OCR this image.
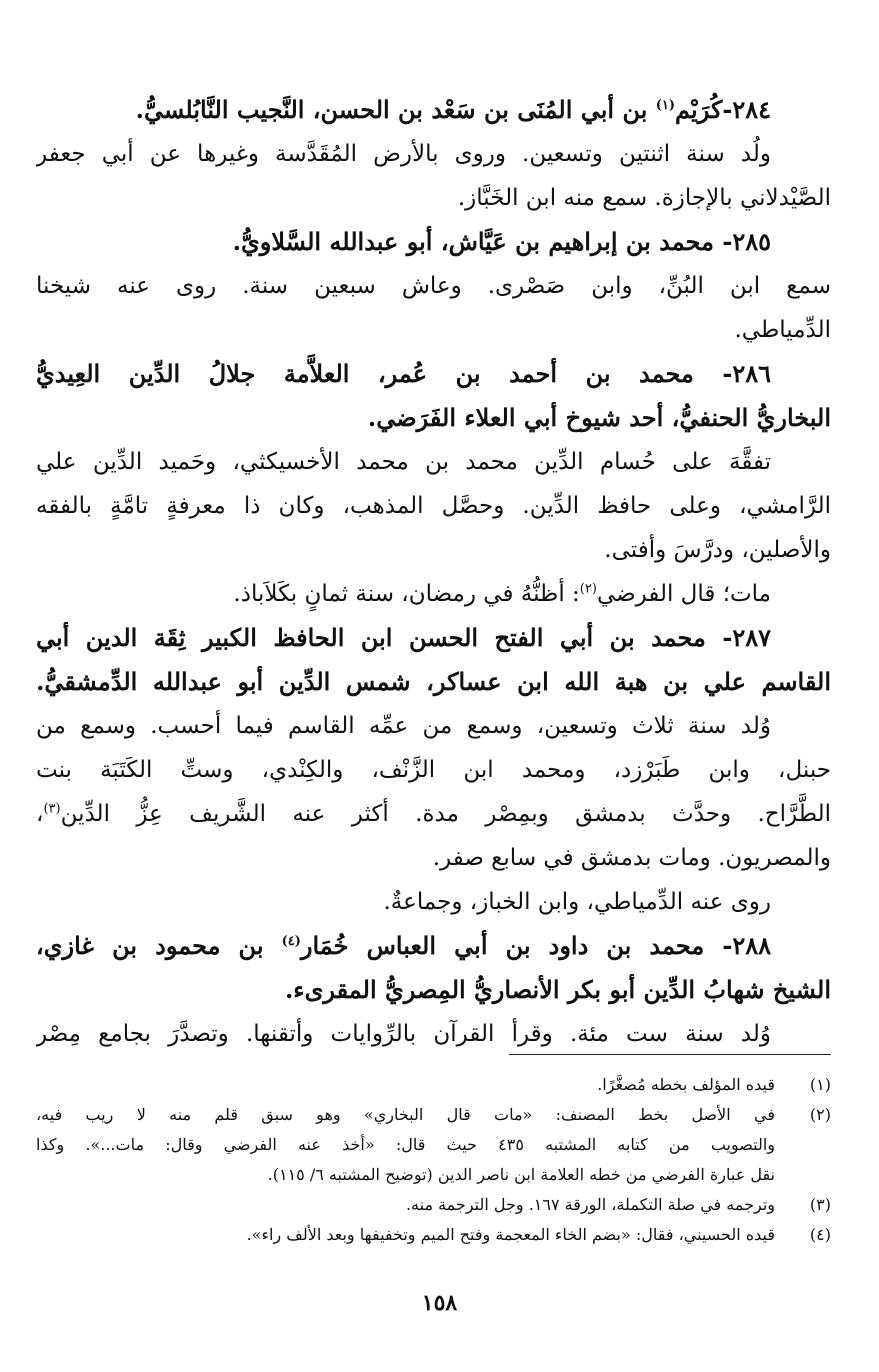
٢٨٤-كُرَيْم$^{(١)}$ بن أبي المُنَى بن سَعْد بن الحسن، النَّجيب النَّابُلسيُّ.
ولُد سنة اثنتين وتسعين. وروى بالأرض المُقَدَّسة وغيرها عن أبي جعفر
الصَّيْدلاني بالإجازة. سمع منه ابن الخَبَّاز.
٢٨٥- محمد بن إبراهيم بن عَيَّاش، أبو عبدالله السَّلاويُّ.
سمع ابن البُنِّ، وابن صَصْرى. وعاش سبعين سنة. روى عنه شيخنا
الدِّمياطي.
٢٨٦- محمد بن أحمد بن عُمر، العلاَّمة جلالُ الدِّين العِيديُّ
البخاريُّ الحنفيُّ، أحد شيوخ أبي العلاء الفَرَضي.
تفقَّهَ على حُسام الدِّين محمد بن محمد الأخسيكثي، وحَميد الدِّين علي
الرَّامشي، وعلى حافظ الدِّين. وحصَّل المذهب، وكان ذا معرفةٍ تامَّةٍ بالفقه
والأصلين، ودرَّسَ وأفتى.
مات؛ قال الفرضي$^{(٢)}$: أظنُّهُ في رمضان، سنة ثمانٍ بكَلاَباذ.
٢٨٧- محمد بن أبي الفتح الحسن ابن الحافظ الكبير ثِقَة الدين أبي
القاسم علي بن هبة الله ابن عساكر، شمس الدِّين أبو عبدالله الدِّمشقيُّ.
وُلد سنة ثلاث وتسعين، وسمع من عمِّه القاسم فيما أحسب. وسمع من
حبنل، وابن طَبَرْزد، ومحمد ابن الزَّنْف، والكِنْدي، وستِّ الكَتَبَة بنت
الطَّرَّاح. وحدَّث بدمشق وبمِصْر مدة. أكثر عنه الشَّريف عِزُّ الدِّين$^{(٣)}$،
والمصريون. ومات بدمشق في سابع صفر.
روى عنه الدِّمياطي، وابن الخباز، وجماعةٌ.
٢٨٨- محمد بن داود بن أبي العباس خُمَار$^{(٤)}$ بن محمود بن غازي،
الشيخ شهابُ الدِّين أبو بكر الأنصاريُّ المِصريُّ المقرىء.
وُلد سنة ست مئة. وقرأ القرآن بالرِّوايات وأتقنها. وتصدَّرَ بجامع مِصْر
(١)
قيده المؤلف بخطه مُصغَّرًا.
(٢)
في الأصل بخط المصنف: «مات قال البخاري» وهو سبق قلم منه لا ريب فيه،
والتصويب من كتابه المشتبه ٤٣٥ حيث قال: «أخذ عنه الفرضي وقال: مات...». وكذا
نقل عبارة الفرضي من خطه العلامة ابن ناصر الدين (توضيح المشتبه ٦/ ١١٥).
(٣)
وترجمه في صلة التكملة، الورقة ١٦٧. وجل الترجمة منه.
(٤)
قيده الحسيني، فقال: «بضم الخاء المعجمة وفتح الميم وتخفيفها وبعد الألف راء».
١٥٨
